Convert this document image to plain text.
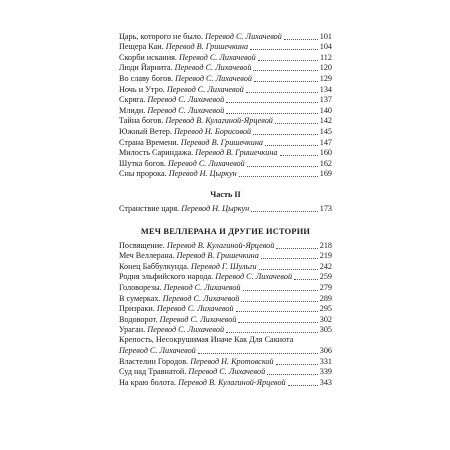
Царь, которого не было. Перевод С. Лихачевой	101
Пещера Каи. Перевод В. Гришечкина	104
Скорби искания. Перевод С. Лихачевой	112
Люди Йарнита. Перевод С. Лихачевой	120
Во славу богов. Перевод С. Лихачевой	129
Ночь и Утро. Перевод С. Лихачевой	134
Скряга. Перевод С. Лихачевой	137
Млиди. Перевод С. Лихачевой	140
Тайна богов. Перевод В. Кулагиной-Ярцевой	142
Южный Ветер. Перевод Н. Борисовой	145
Страна Времени. Перевод В. Гришечкина	147
Милость Сариндажа. Перевод В. Гришечкина	160
Шутка богов. Перевод С. Лихачевой	162
Сны пророка. Перевод Н. Цыркун	169
Часть II
Странствие царя. Перевод Н. Цыркун	173
МЕЧ ВЕЛЛЕРАНА И ДРУГИЕ ИСТОРИИ
Посвящение. Перевод В. Кулагиной-Ярцевой	218
Меч Веллерана. Перевод В. Гришечкина	219
Конец Баббулкунда. Перевод Г. Шульги	242
Родня эльфийского народа. Перевод С. Лихачевой	259
Головорезы. Перевод С. Лихачевой	279
В сумерках. Перевод С. Лихачевой	289
Призраки. Перевод С. Лихачевой	295
Водоворот. Перевод С. Лихачевой	302
Ураган. Перевод С. Лихачевой	305
Крепость, Несокрушимая Иначе Как Для Сакнота
Перевод С. Лихачевой	306
Властелин Городов. Перевод Н. Кротовской	331
Суд над Травнатой. Перевод С. Лихачевой	339
На краю болота. Перевод В. Кулагиной-Ярцевой	343
